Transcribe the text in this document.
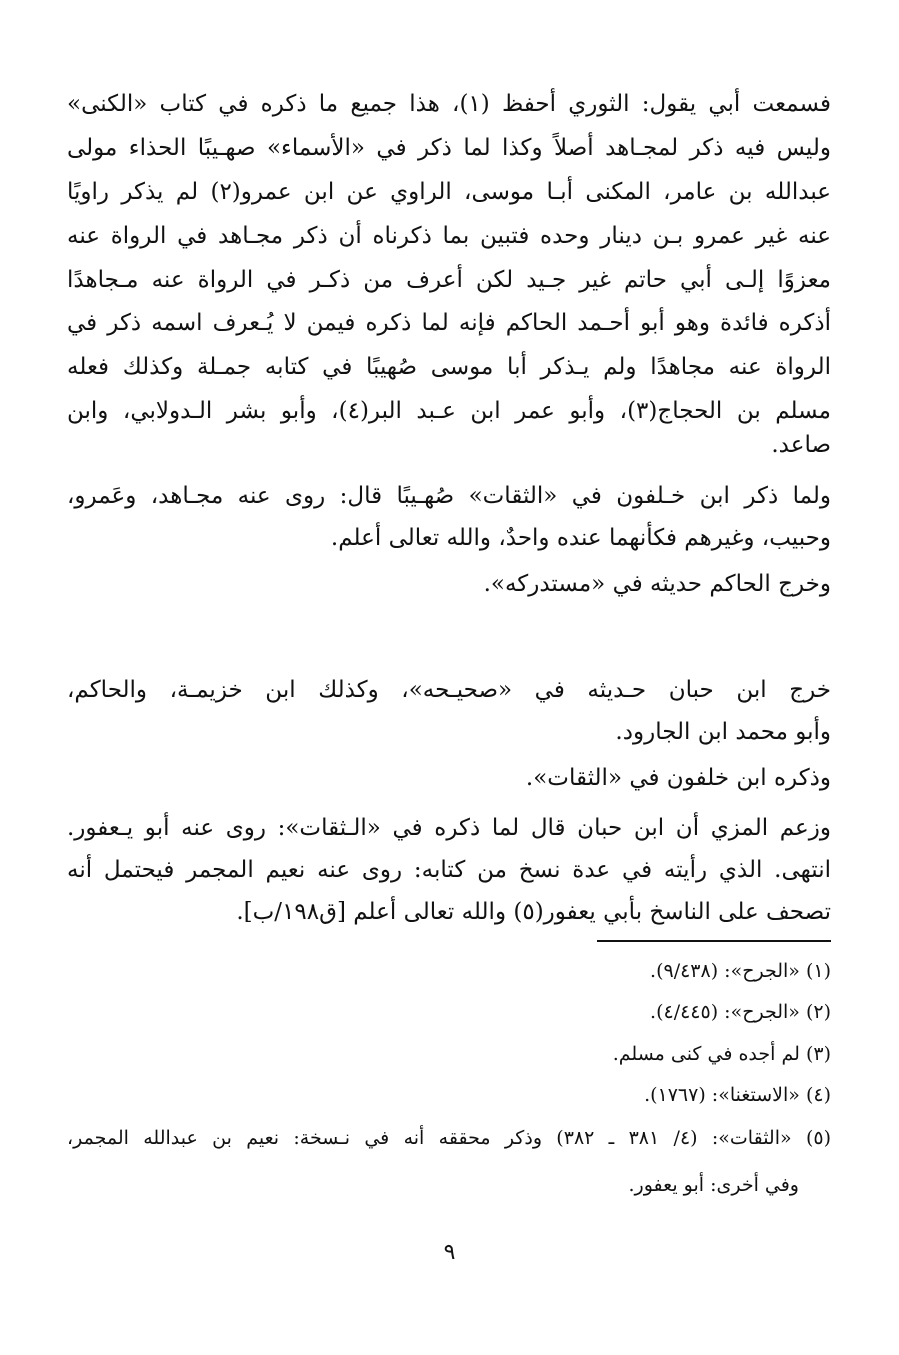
فسمعت أبي يقول: الثوري أحفظ (١)، هذا جميع ما ذكره في كتاب «الكنى»
وليس فيه ذكر لمجـاهد أصلاً وكذا لما ذكر في «الأسماء» صهـيبًا الحذاء مولى
عبدالله بن عامر، المكنى أبـا موسى، الراوي عن ابن عمرو(٢) لم يذكر راويًا
عنه غير عمرو بـن دينار وحده فتبين بما ذكرناه أن ذكر مجـاهد في الرواة عنه
معزوًا إلـى أبي حاتم غير جـيد لكن أعرف من ذكـر في الرواة عنه مـجاهدًا
أذكره فائدة وهو أبو أحـمد الحاكم فإنه لما ذكره فيمن لا يُـعرف اسمه ذكر في
الرواة عنه مجاهدًا ولم يـذكر أبا موسى صُهيبًا في كتابه جمـلة وكذلك فعله
مسلم بن الحجاج(٣)، وأبو عمر ابن عـبد البر(٤)، وأبو بشر الـدولابي، وابن
صاعد.
ولما ذكر ابن خـلفون في «الثقات» صُهـيبًا قال: روى عنه مجـاهد، وعَمرو،
وحبيب، وغيرهم فكأنهما عنده واحدٌ، والله تعالى أعلم.
وخرج الحاكم حديثه في «مستدركه».
خرج ابن حبان حـديثه في «صحيـحه»، وكذلك ابن خزيمـة، والحاكم،
وأبو محمد ابن الجارود.
وذكره ابن خلفون في «الثقات».
وزعم المزي أن ابن حبان قال لما ذكره في «الـثقات»: روى عنه أبو يـعفور.
انتهى. الذي رأيته في عدة نسخ من كتابه: روى عنه نعيم المجمر فيحتمل أنه
تصحف على الناسخ بأبي يعفور(٥) والله تعالى أعلم [ق١٩٨/ب].
(١) «الجرح»: (٩/٤٣٨).
(٢) «الجرح»: (٤/٤٤٥).
(٣) لم أجده في كنى مسلم.
(٤) «الاستغنا»: (١٧٦٧).
(٥) «الثقات»: (٤/ ٣٨١ ـ ٣٨٢) وذكر محققه أنه في نـسخة: نعيم بن عبدالله المجمر،
وفي أخرى: أبو يعفور.
٩
